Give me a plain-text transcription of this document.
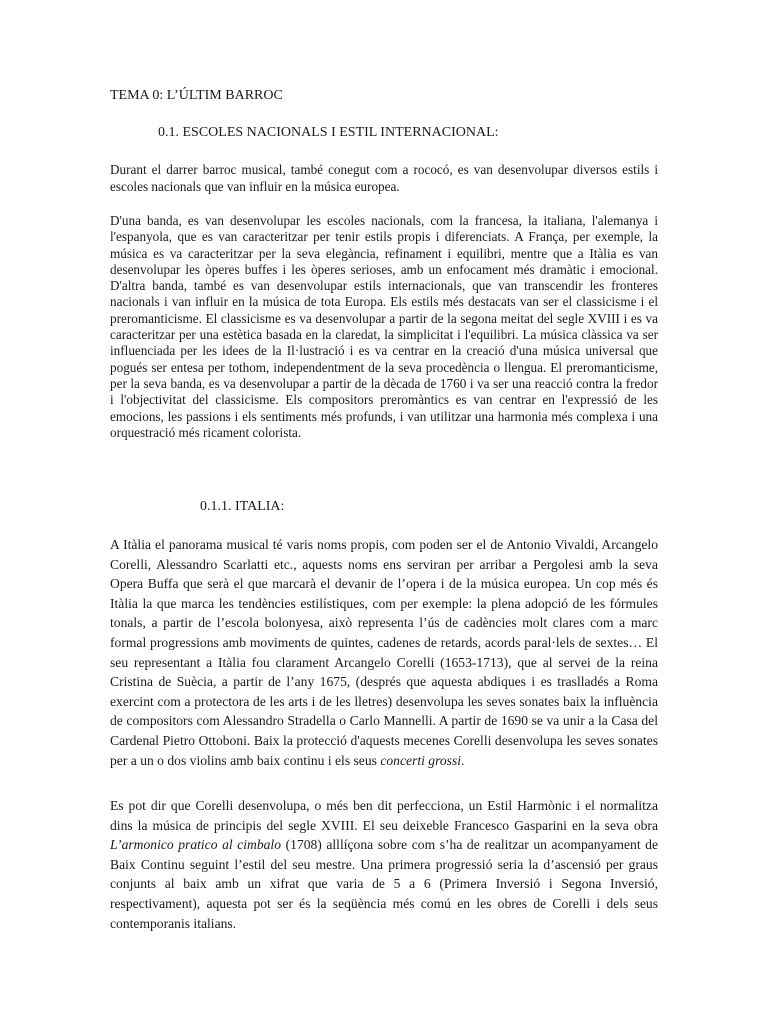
TEMA 0: L’ÚLTIM BARROC
0.1. ESCOLES NACIONALS I ESTIL INTERNACIONAL:

Durant el darrer barroc musical, també conegut com a rococó, es van desenvolupar diversos estils i escoles nacionals que van influir en la música europea.

D'una banda, es van desenvolupar les escoles nacionals, com la francesa, la italiana, l'alemanya i l'espanyola, que es van caracteritzar per tenir estils propis i diferenciats. A França, per exemple, la música es va caracteritzar per la seva elegància, refinament i equilibri, mentre que a Itàlia es van desenvolupar les òperes buffes i les òperes serioses, amb un enfocament més dramàtic i emocional. D'altra banda, també es van desenvolupar estils internacionals, que van transcendir les fronteres nacionals i van influir en la música de tota Europa. Els estils més destacats van ser el classicisme i el preromanticisme. El classicisme es va desenvolupar a partir de la segona meitat del segle XVIII i es va caracteritzar per una estètica basada en la claredat, la simplicitat i l'equilibri. La música clàssica va ser influenciada per les idees de la Il·lustració i es va centrar en la creació d'una música universal que pogués ser entesa per tothom, independentment de la seva procedència o llengua. El preromanticisme, per la seva banda, es va desenvolupar a partir de la dècada de 1760 i va ser una reacció contra la fredor i l'objectivitat del classicisme. Els compositors preromàntics es van centrar en l'expressió de les emocions, les passions i els sentiments més profunds, i van utilitzar una harmonia més complexa i una orquestració més ricament colorista.

0.1.1. ITALIA:

A Itàlia el panorama musical té varis noms propis, com poden ser el de Antonio Vivaldi, Arcangelo Corelli, Alessandro Scarlatti etc., aquests noms ens serviran per arribar a Pergolesi amb la seva Opera Buffa que serà el que marcarà el devanir de l’opera i de la música europea. Un cop més és Itàlia la que marca les tendències estilístiques, com per exemple: la plena adopció de les fórmules tonals, a partir de l’escola bolonyesa, això representa l’ús de cadències molt clares com a marc formal progressions amb moviments de quintes, cadenes de retards, acords paral·lels de sextes… El seu representant a Itàlia fou clarament Arcangelo Corelli (1653-1713), que al servei de la reina Cristina de Suècia, a partir de l’any 1675, (després que aquesta abdiques i es traslladés a Roma exercint com a protectora de les arts i de les lletres) desenvolupa les seves sonates baix la influència de compositors com Alessandro Stradella o Carlo Mannelli. A partir de 1690 se va unir a la Casa del Cardenal Pietro Ottoboni. Baix la protecció d'aquests mecenes Corelli desenvolupa les seves sonates per a un o dos violins amb baix continu i els seus concerti grossi.

Es pot dir que Corelli desenvolupa, o més ben dit perfecciona, un Estil Harmònic i el normalitza dins la música de principis del segle XVIII. El seu deixeble Francesco Gasparini en la seva obra L’armonico pratico al cimbalo (1708) alllíçona sobre com s’ha de realitzar un acompanyament de Baix Continu seguint l’estil del seu mestre. Una primera progressió seria la d’ascensió per graus conjunts al baix amb un xifrat que varia de 5 a 6 (Primera Inversió i Segona Inversió, respectivament), aquesta pot ser és la seqüència més comú en les obres de Corelli i dels seus contemporanis italians.
